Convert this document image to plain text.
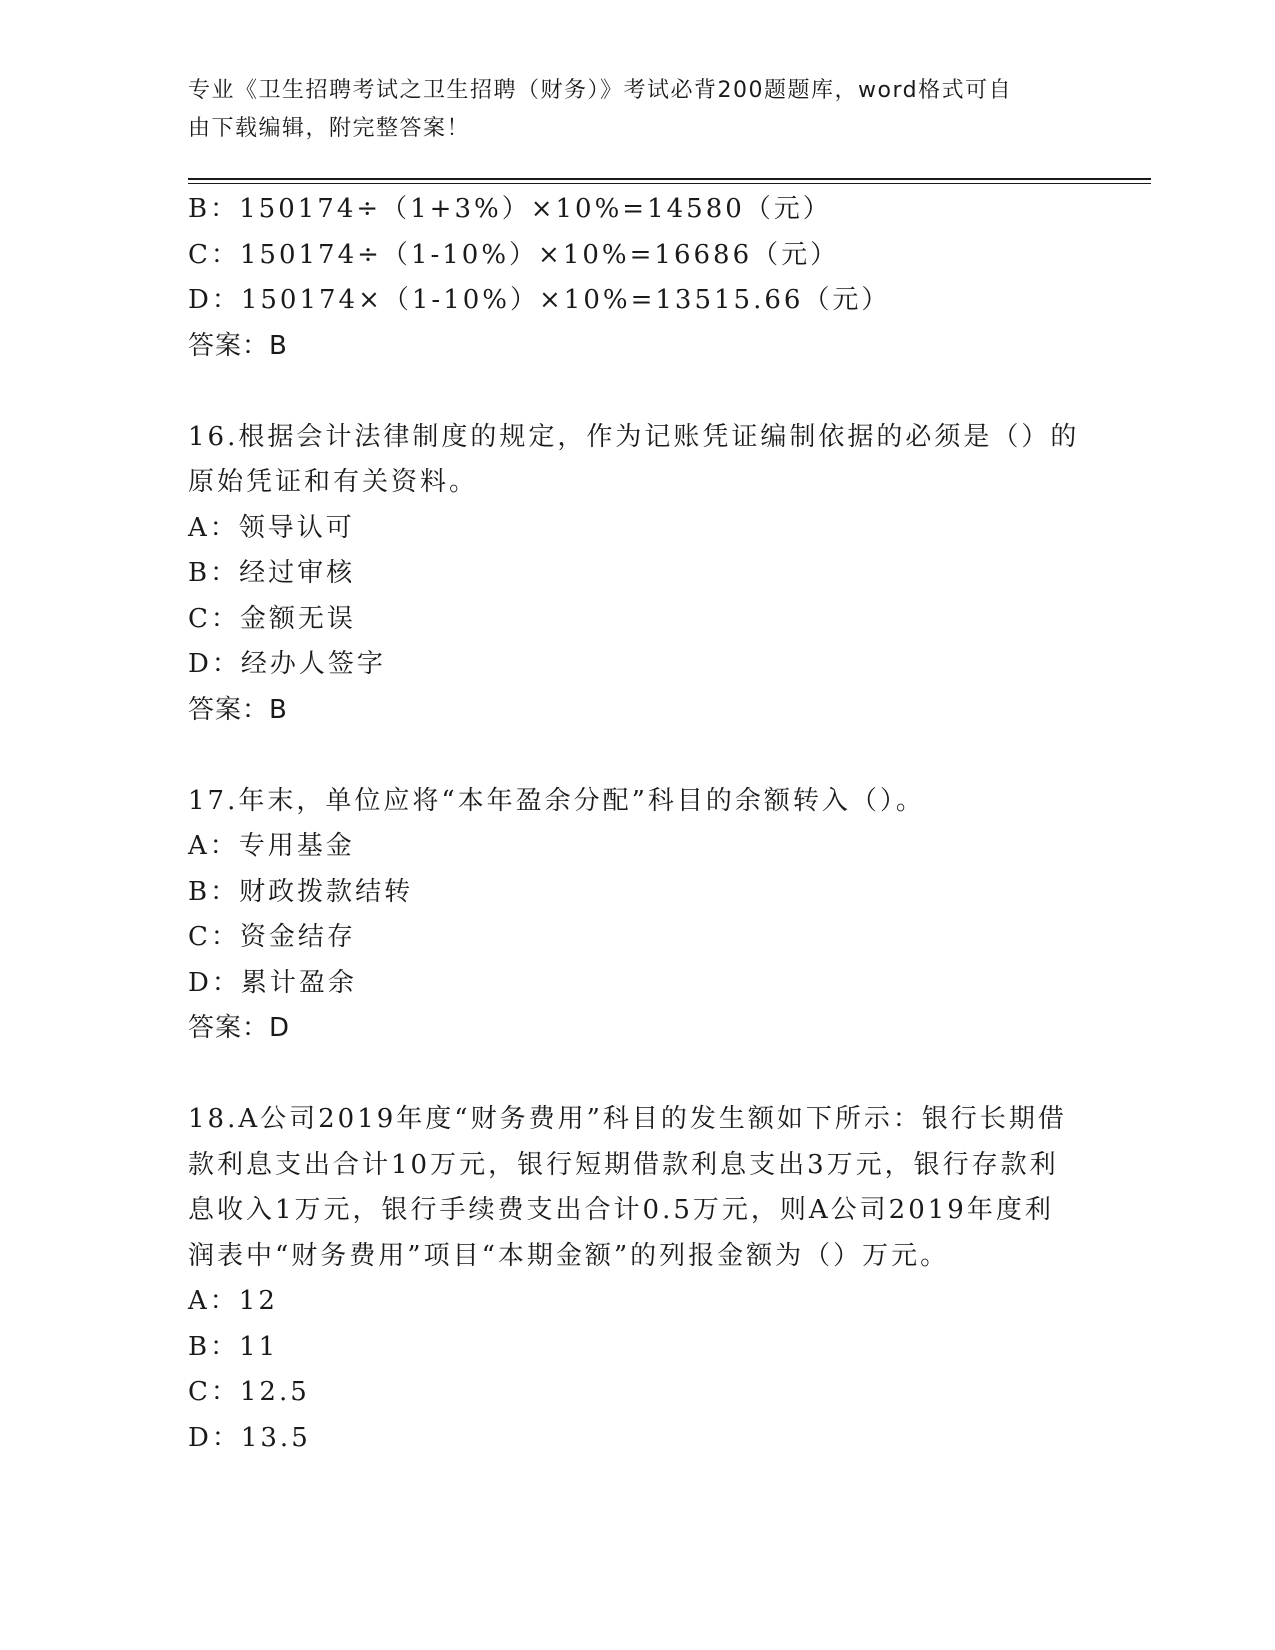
专业《卫生招聘考试之卫生招聘（财务）》考试必背200题题库，word格式可自
由下载编辑，附完整答案！
B：150174÷（1+3%）×10%=14580（元）
C：150174÷（1-10%）×10%=16686（元）
D：150174×（1-10%）×10%=13515.66（元）
答案：B
16.根据会计法律制度的规定，作为记账凭证编制依据的必须是（）的
原始凭证和有关资料。
A：领导认可
B：经过审核
C：金额无误
D：经办人签字
答案：B
17.年末，单位应将“本年盈余分配”科目的余额转入（）。
A：专用基金
B：财政拨款结转
C：资金结存
D：累计盈余
答案：D
18.A公司2019年度“财务费用”科目的发生额如下所示：银行长期借
款利息支出合计10万元，银行短期借款利息支出3万元，银行存款利
息收入1万元，银行手续费支出合计0.5万元，则A公司2019年度利
润表中“财务费用”项目“本期金额”的列报金额为（）万元。
A：12
B：11
C：12.5
D：13.5
